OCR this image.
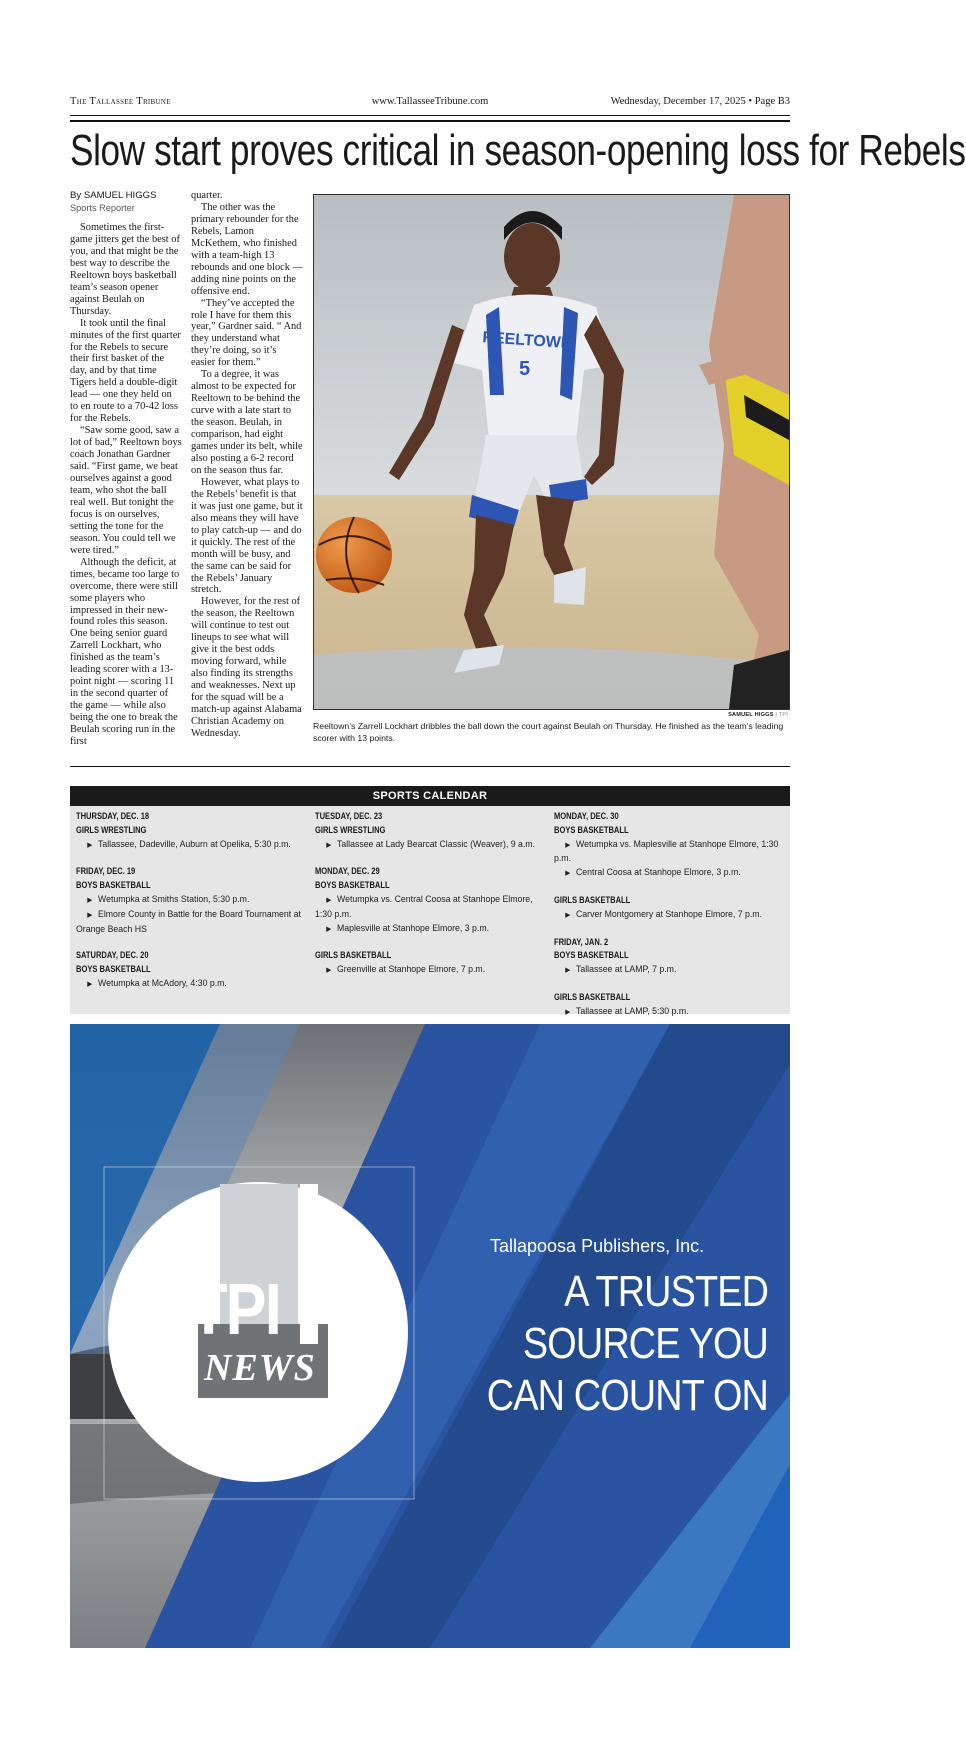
The Tallassee Tribune	www.TallasseeTribune.com	Wednesday, December 17, 2025 • Page B3
Slow start proves critical in season-opening loss for Rebels
By SAMUEL HIGGS
Sports Reporter

Sometimes the first-game jitters get the best of you, and that might be the best way to describe the Reeltown boys basketball team’s season opener against Beulah on Thursday.

It took until the final minutes of the first quarter for the Rebels to secure their first basket of the day, and by that time Tigers held a double-digit lead — one they held on to en route to a 70-42 loss for the Rebels.

“Saw some good, saw a lot of bad,” Reeltown boys coach Jonathan Gardner said. “First game, we beat ourselves against a good team, who shot the ball real well. But tonight the focus is on ourselves, setting the tone for the season. You could tell we were tired.”

Although the deficit, at times, became too large to overcome, there were still some players who impressed in their new-found roles this season. One being senior guard Zarrell Lockhart, who finished as the team’s leading scorer with a 13-point night — scoring 11 in the second quarter of the game — while also being the one to break the Beulah scoring run in the first

quarter.

The other was the primary rebounder for the Rebels, Lamon McKethem, who finished with a team-high 13 rebounds and one block — adding nine points on the offensive end.

“They’ve accepted the role I have for them this year,” Gardner said. “ And they understand what they’re doing, so it’s easier for them.”

To a degree, it was almost to be expected for Reeltown to be behind the curve with a late start to the season. Beulah, in comparison, had eight games under its belt, while also posting a 6-2 record on the season thus far.

However, what plays to the Rebels’ benefit is that it was just one game, but it also means they will have to play catch-up — and do it quickly. The rest of the month will be busy, and the same can be said for the Rebels’ January stretch.

However, for the rest of the season, the Reeltown will continue to test out lineups to see what will give it the best odds moving forward, while also finding its strengths and weaknesses. Next up for the squad will be a match-up against Alabama Christian Academy on Wednesday.

REELTOWN
5
SAMUEL HIGGS | TPI
Reeltown’s Zarrell Lockhart dribbles the ball down the court against Beulah on Thursday. He finished as the team’s leading scorer with 13 points.
SPORTS CALENDAR
THURSDAY, DEC. 18
GIRLS WRESTLING
▶ Tallassee, Dadeville, Auburn at Opelika, 5:30 p.m.
FRIDAY, DEC. 19
BOYS BASKETBALL
▶ Wetumpka at Smiths Station, 5:30 p.m.
▶ Elmore County in Battle for the Board Tournament at Orange Beach HS
SATURDAY, DEC. 20
BOYS BASKETBALL
▶ Wetumpka at McAdory, 4:30 p.m.
TUESDAY, DEC. 23
GIRLS WRESTLING
▶ Tallassee at Lady Bearcat Classic (Weaver), 9 a.m.
MONDAY, DEC. 29
BOYS BASKETBALL
▶ Wetumpka vs. Central Coosa at Stanhope Elmore, 1:30 p.m.
▶ Maplesville at Stanhope Elmore, 3 p.m.
GIRLS BASKETBALL
▶ Greenville at Stanhope Elmore, 7 p.m.
MONDAY, DEC. 30
BOYS BASKETBALL
▶ Wetumpka vs. Maplesville at Stanhope Elmore, 1:30 p.m.
▶ Central Coosa at Stanhope Elmore, 3 p.m.
GIRLS BASKETBALL
▶ Carver Montgomery at Stanhope Elmore, 7 p.m.
FRIDAY, JAN. 2
BOYS BASKETBALL
▶ Tallassee at LAMP, 7 p.m.
GIRLS BASKETBALL
▶ Tallassee at LAMP, 5:30 p.m.
TPI
NEWS
Tallapoosa Publishers, Inc.
A TRUSTED
SOURCE YOU
CAN COUNT ON
